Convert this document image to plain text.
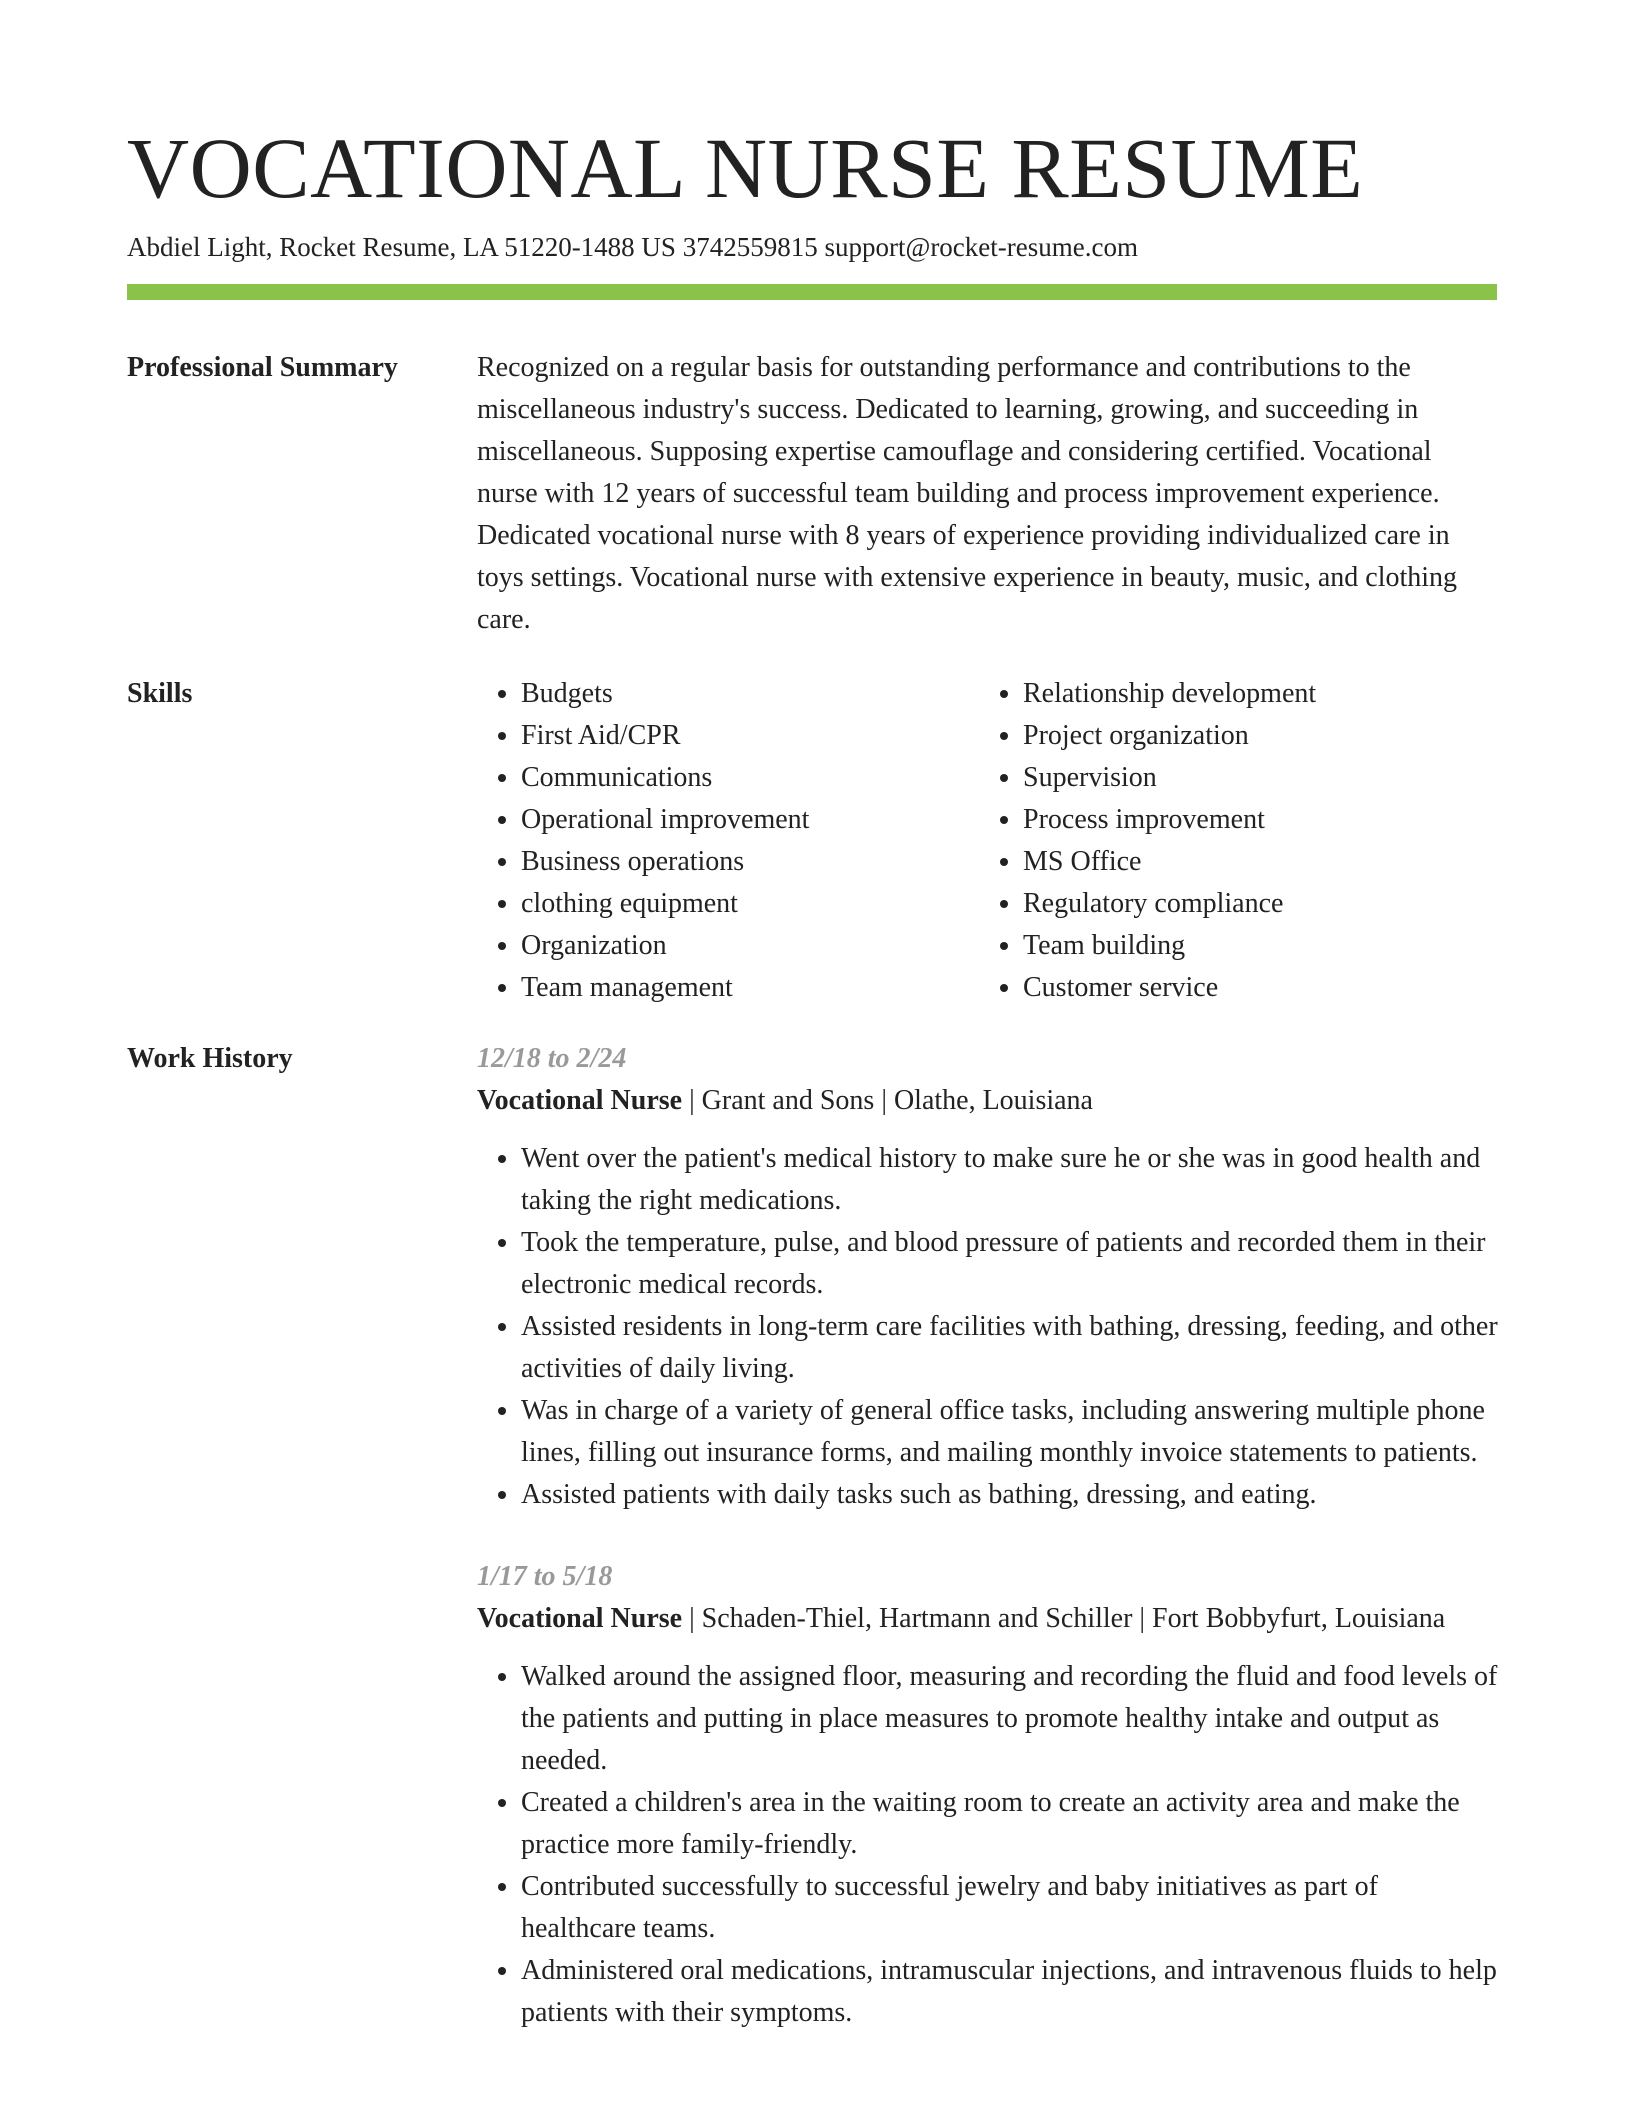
VOCATIONAL NURSE RESUME
Abdiel Light, Rocket Resume, LA 51220-1488 US 3742559815 support@rocket-resume.com
Professional Summary	Recognized on a regular basis for outstanding performance and contributions to the miscellaneous industry's success. Dedicated to learning, growing, and succeeding in miscellaneous. Supposing expertise camouflage and considering certified. Vocational nurse with 12 years of successful team building and process improvement experience. Dedicated vocational nurse with 8 years of experience providing individualized care in toys settings. Vocational nurse with extensive experience in beauty, music, and clothing care.

Skills
•	Budgets
• First Aid/CPR
• Communications
• Operational improvement
• Business operations
• clothing equipment
• Organization
• Team management
• Relationship development
• Project organization
• Supervision
• Process improvement
• MS Office
• Regulatory compliance
• Team building
• Customer service
Work History	12/18 to 2/24
Vocational Nurse | Grant and Sons | Olathe, Louisiana
• Went over the patient's medical history to make sure he or she was in good health and taking the right medications.
• Took the temperature, pulse, and blood pressure of patients and recorded them in their electronic medical records.
• Assisted residents in long-term care facilities with bathing, dressing, feeding, and other activities of daily living.
• Was in charge of a variety of general office tasks, including answering multiple phone lines, filling out insurance forms, and mailing monthly invoice statements to patients.
• Assisted patients with daily tasks such as bathing, dressing, and eating.
1/17 to 5/18
Vocational Nurse | Schaden-Thiel, Hartmann and Schiller | Fort Bobbyfurt, Louisiana
• Walked around the assigned floor, measuring and recording the fluid and food levels of the patients and putting in place measures to promote healthy intake and output as needed.
• Created a children's area in the waiting room to create an activity area and make the practice more family-friendly.
• Contributed successfully to successful jewelry and baby initiatives as part of healthcare teams.
• Administered oral medications, intramuscular injections, and intravenous fluids to help patients with their symptoms.
